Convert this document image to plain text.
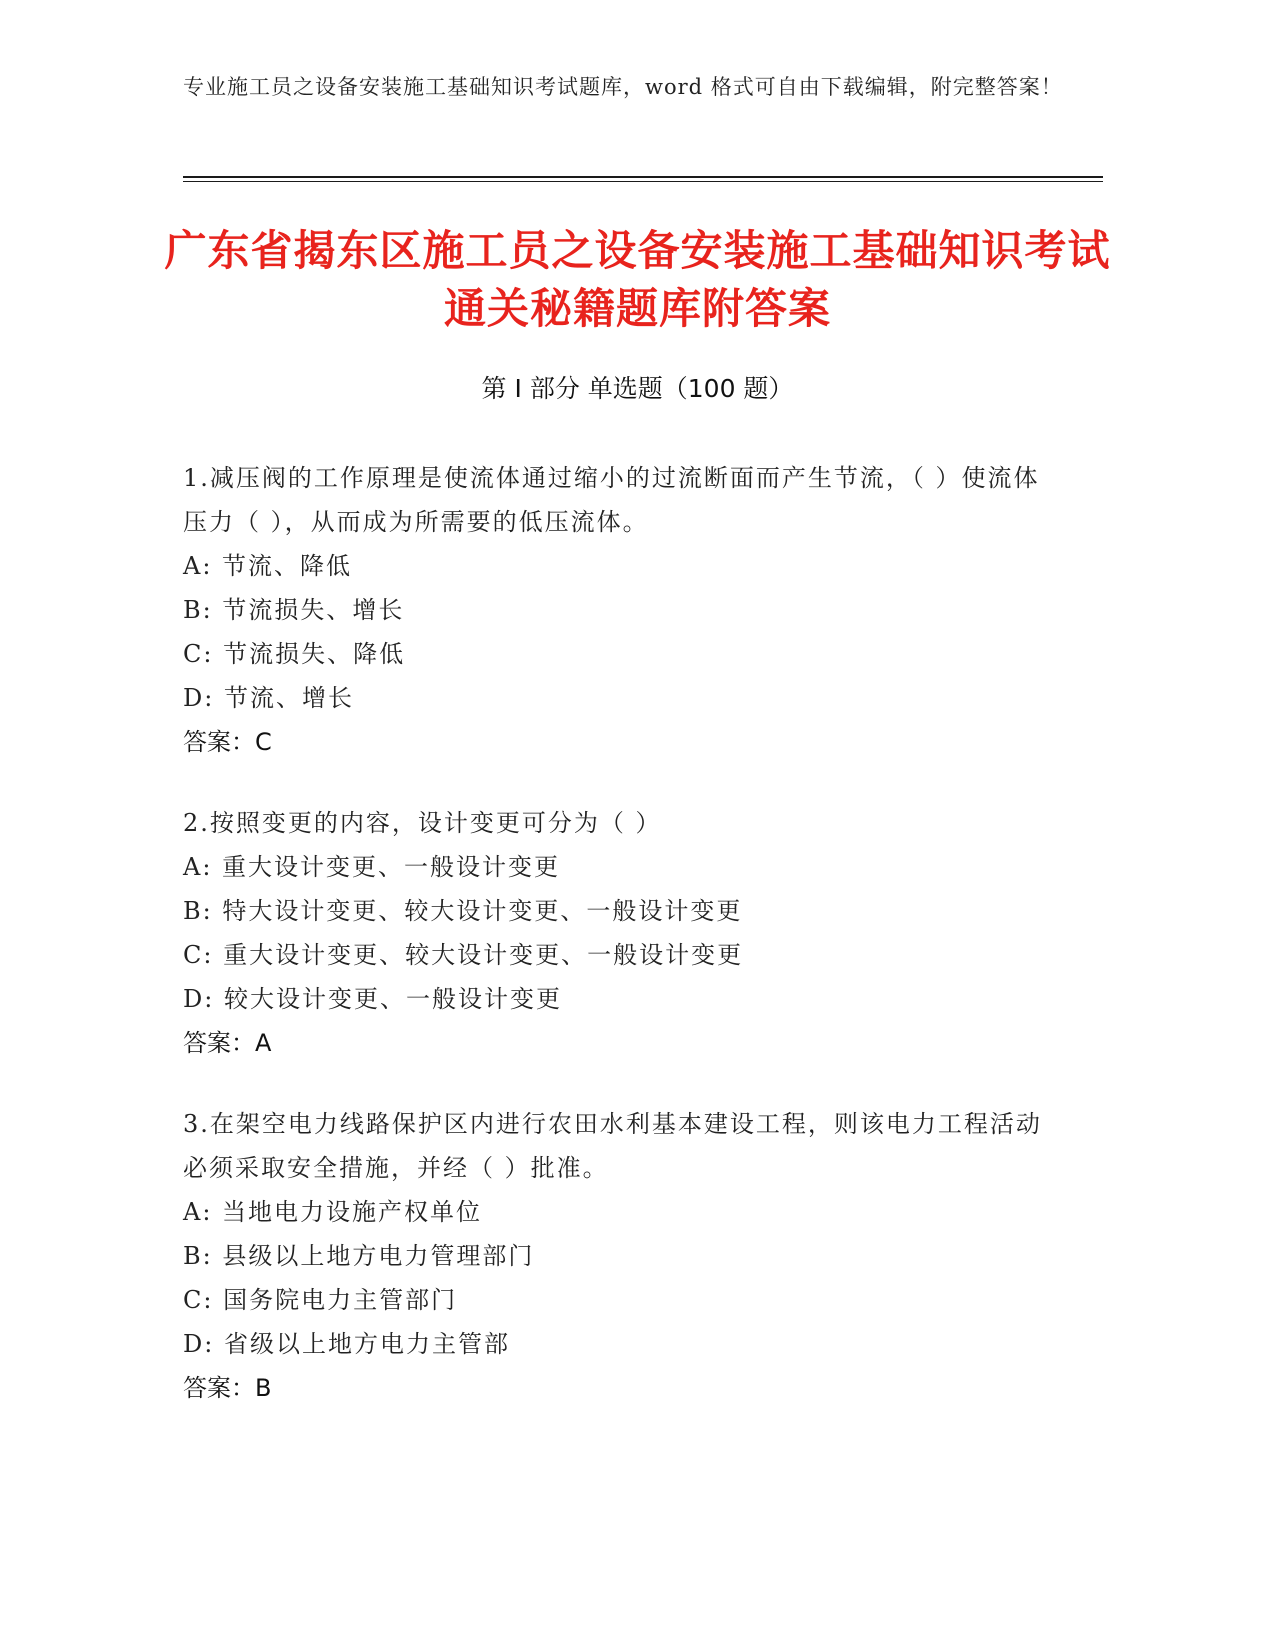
专业施工员之设备安装施工基础知识考试题库，word 格式可自由下载编辑，附完整答案！
广东省揭东区施工员之设备安装施工基础知识考试通关秘籍题库附答案
第 I 部分 单选题（100 题）
1.减压阀的工作原理是使流体通过缩小的过流断面而产生节流，（ ）使流体压力（ ），从而成为所需要的低压流体。
A: 节流、降低
B: 节流损失、增长
C: 节流损失、降低
D: 节流、增长
答案：C
2.按照变更的内容，设计变更可分为（ ）
A: 重大设计变更、一般设计变更
B: 特大设计变更、较大设计变更、一般设计变更
C: 重大设计变更、较大设计变更、一般设计变更
D: 较大设计变更、一般设计变更
答案：A
3.在架空电力线路保护区内进行农田水利基本建设工程，则该电力工程活动必须采取安全措施，并经（ ）批准。
A: 当地电力设施产权单位
B: 县级以上地方电力管理部门
C: 国务院电力主管部门
D: 省级以上地方电力主管部
答案：B
